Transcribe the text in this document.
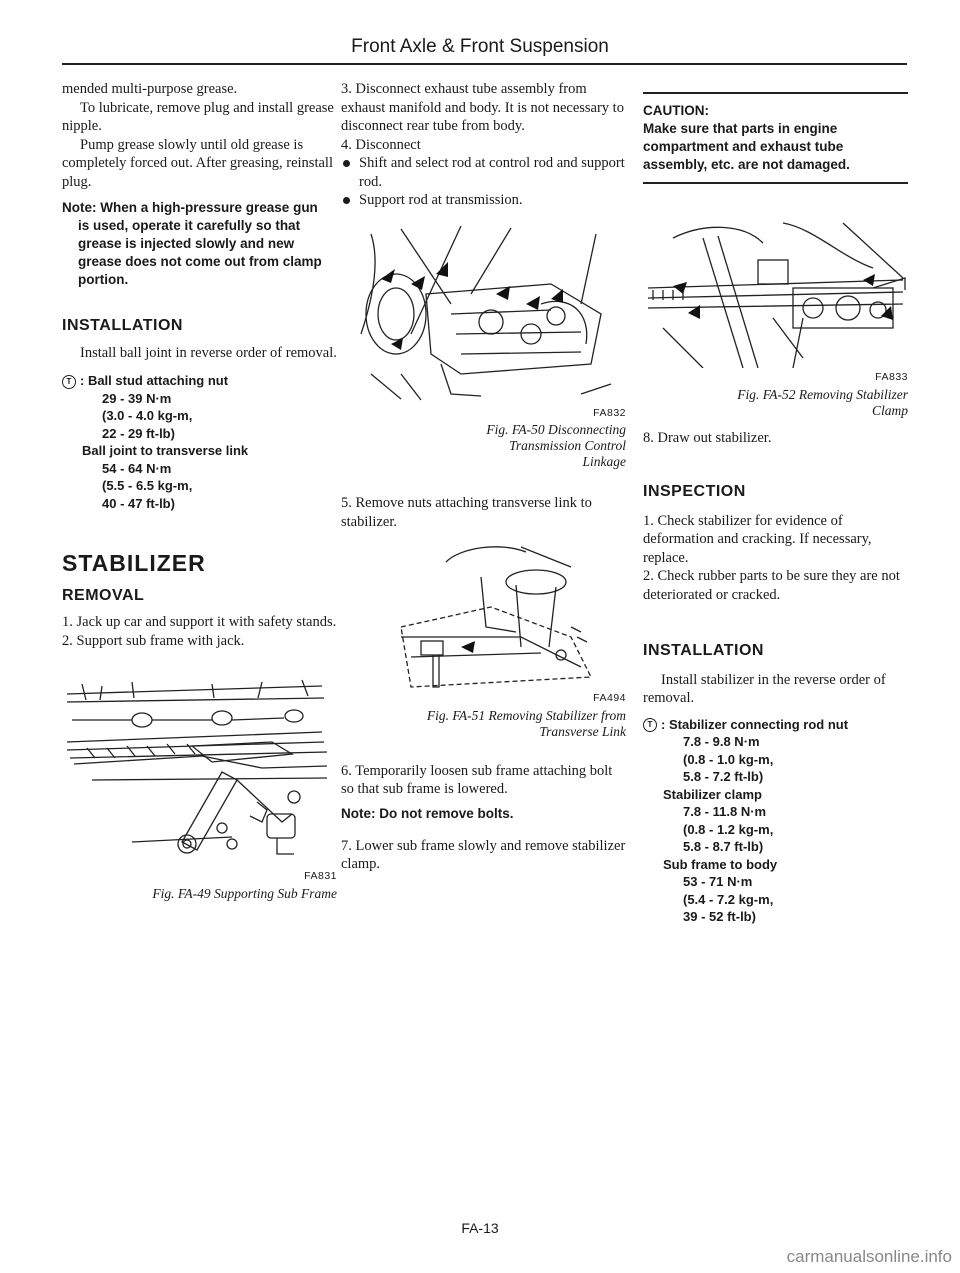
Front Axle & Front Suspension

mended multi-purpose grease.

To lubricate, remove plug and install grease nipple.

Pump grease slowly until old grease is completely forced out. After greasing, reinstall plug.

Note: When a high-pressure grease gun
is used, operate it carefully so that grease is injected slowly and new grease does not come out from clamp portion.
INSTALLATION

Install ball joint in reverse order of removal.

T : Ball stud attaching nut
29 - 39 N·m
(3.0 - 4.0 kg-m,
22 - 29 ft-lb)
Ball joint to transverse link
54 - 64 N·m
(5.5 - 6.5 kg-m,
40 - 47 ft-lb)
STABILIZER
REMOVAL

1. Jack up car and support it with safety stands.

2. Support sub frame with jack.

FA831
Fig. FA-49 Supporting Sub Frame

3. Disconnect exhaust tube assembly from exhaust manifold and body. It is not necessary to disconnect rear tube from body.

4. Disconnect

Shift and select rod at control rod and support rod.
Support rod at transmission.
FA832
Fig. FA-50 Disconnecting
Transmission Control
Linkage

5. Remove nuts attaching transverse link to stabilizer.

FA494
Fig. FA-51 Removing Stabilizer from
Transverse Link

6. Temporarily loosen sub frame attaching bolt so that sub frame is lowered.

Note: Do not remove bolts.

7. Lower sub frame slowly and remove stabilizer clamp.

CAUTION:
Make sure that parts in engine compartment and exhaust tube assembly, etc. are not damaged.
FA833
Fig. FA-52 Removing Stabilizer
Clamp

8. Draw out stabilizer.

INSPECTION

1. Check stabilizer for evidence of deformation and cracking. If necessary, replace.

2. Check rubber parts to be sure they are not deteriorated or cracked.

INSTALLATION

Install stabilizer in the reverse order of removal.

T : Stabilizer connecting rod nut
7.8 - 9.8 N·m
(0.8 - 1.0 kg-m,
5.8 - 7.2 ft-lb)
Stabilizer clamp
7.8 - 11.8 N·m
(0.8 - 1.2 kg-m,
5.8 - 8.7 ft-lb)
Sub frame to body
53 - 71 N·m
(5.4 - 7.2 kg-m,
39 - 52 ft-lb)
FA-13
carmanualsonline.info
